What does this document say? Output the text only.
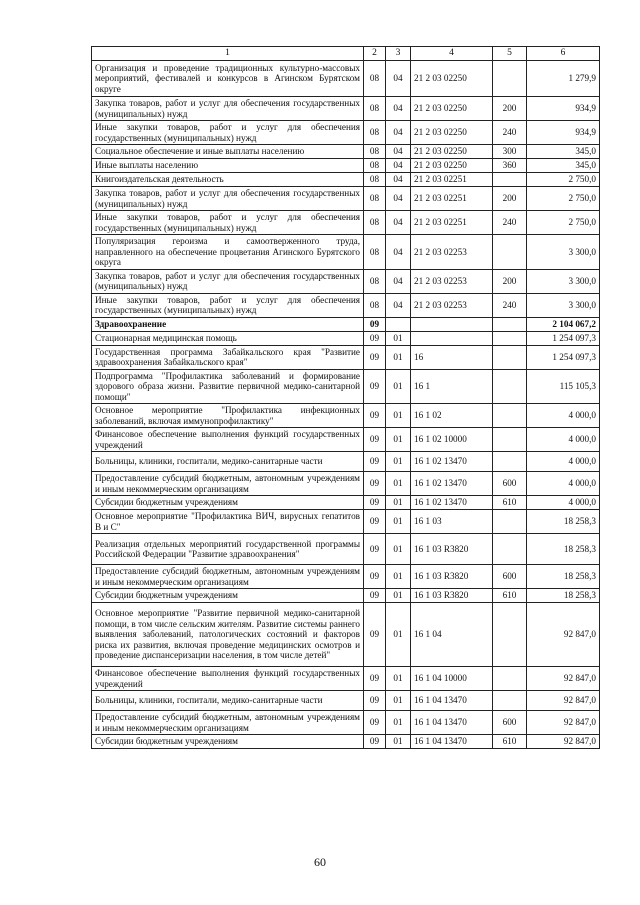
1	2	3	4	5	6
Организация и проведение традиционных культурно-массовых мероприятий, фестивалей и конкурсов в Агинском Бурятском округе	08	04	21 2 03 02250		1 279,9
Закупка товаров, работ и услуг для обеспечения государственных (муниципальных) нужд	08	04	21 2 03 02250	200	934,9
Иные закупки товаров, работ и услуг для обеспечения государственных (муниципальных) нужд	08	04	21 2 03 02250	240	934,9
Социальное обеспечение и иные выплаты населению	08	04	21 2 03 02250	300	345,0
Иные выплаты населению	08	04	21 2 03 02250	360	345,0
Книгоиздательская деятельность	08	04	21 2 03 02251		2 750,0
Закупка товаров, работ и услуг для обеспечения государственных (муниципальных) нужд	08	04	21 2 03 02251	200	2 750,0
Иные закупки товаров, работ и услуг для обеспечения государственных (муниципальных) нужд	08	04	21 2 03 02251	240	2 750,0
Популяризация героизма и самоотверженного труда, направленного на обеспечение процветания Агинского Бурятского округа	08	04	21 2 03 02253		3 300,0
Закупка товаров, работ и услуг для обеспечения государственных (муниципальных) нужд	08	04	21 2 03 02253	200	3 300,0
Иные закупки товаров, работ и услуг для обеспечения государственных (муниципальных) нужд	08	04	21 2 03 02253	240	3 300,0
Здравоохранение	09				2 104 067,2
Стационарная медицинская помощь	09	01			1 254 097,3
Государственная программа Забайкальского края "Развитие здравоохранения Забайкальского края"	09	01	16		1 254 097,3
Подпрограмма "Профилактика заболеваний и формирование здорового образа жизни. Развитие первичной медико-санитарной помощи"	09	01	16 1		115 105,3
Основное мероприятие "Профилактика инфекционных заболеваний, включая иммунопрофилактику"	09	01	16 1 02		4 000,0
Финансовое обеспечение выполнения функций государственных учреждений	09	01	16 1 02 10000		4 000,0
Больницы, клиники, госпитали, медико-санитарные части	09	01	16 1 02 13470		4 000,0
Предоставление субсидий бюджетным, автономным учреждениям и иным некоммерческим организациям	09	01	16 1 02 13470	600	4 000,0
Субсидии бюджетным учреждениям	09	01	16 1 02 13470	610	4 000,0
Основное мероприятие "Профилактика ВИЧ, вирусных гепатитов В и С"	09	01	16 1 03		18 258,3
Реализация отдельных мероприятий государственной программы Российской Федерации "Развитие здравоохранения"	09	01	16 1 03 R3820		18 258,3
Предоставление субсидий бюджетным, автономным учреждениям и иным некоммерческим организациям	09	01	16 1 03 R3820	600	18 258,3
Субсидии бюджетным учреждениям	09	01	16 1 03 R3820	610	18 258,3
Основное мероприятие "Развитие первичной медико-санитарной помощи, в том числе сельским жителям. Развитие системы раннего выявления заболеваний, патологических состояний и факторов риска их развития, включая проведение медицинских осмотров и проведение диспансеризации населения, в том числе детей"	09	01	16 1 04		92 847,0
Финансовое обеспечение выполнения функций государственных учреждений	09	01	16 1 04 10000		92 847,0
Больницы, клиники, госпитали, медико-санитарные части	09	01	16 1 04 13470		92 847,0
Предоставление субсидий бюджетным, автономным учреждениям и иным некоммерческим организациям	09	01	16 1 04 13470	600	92 847,0
Субсидии бюджетным учреждениям	09	01	16 1 04 13470	610	92 847,0
60
